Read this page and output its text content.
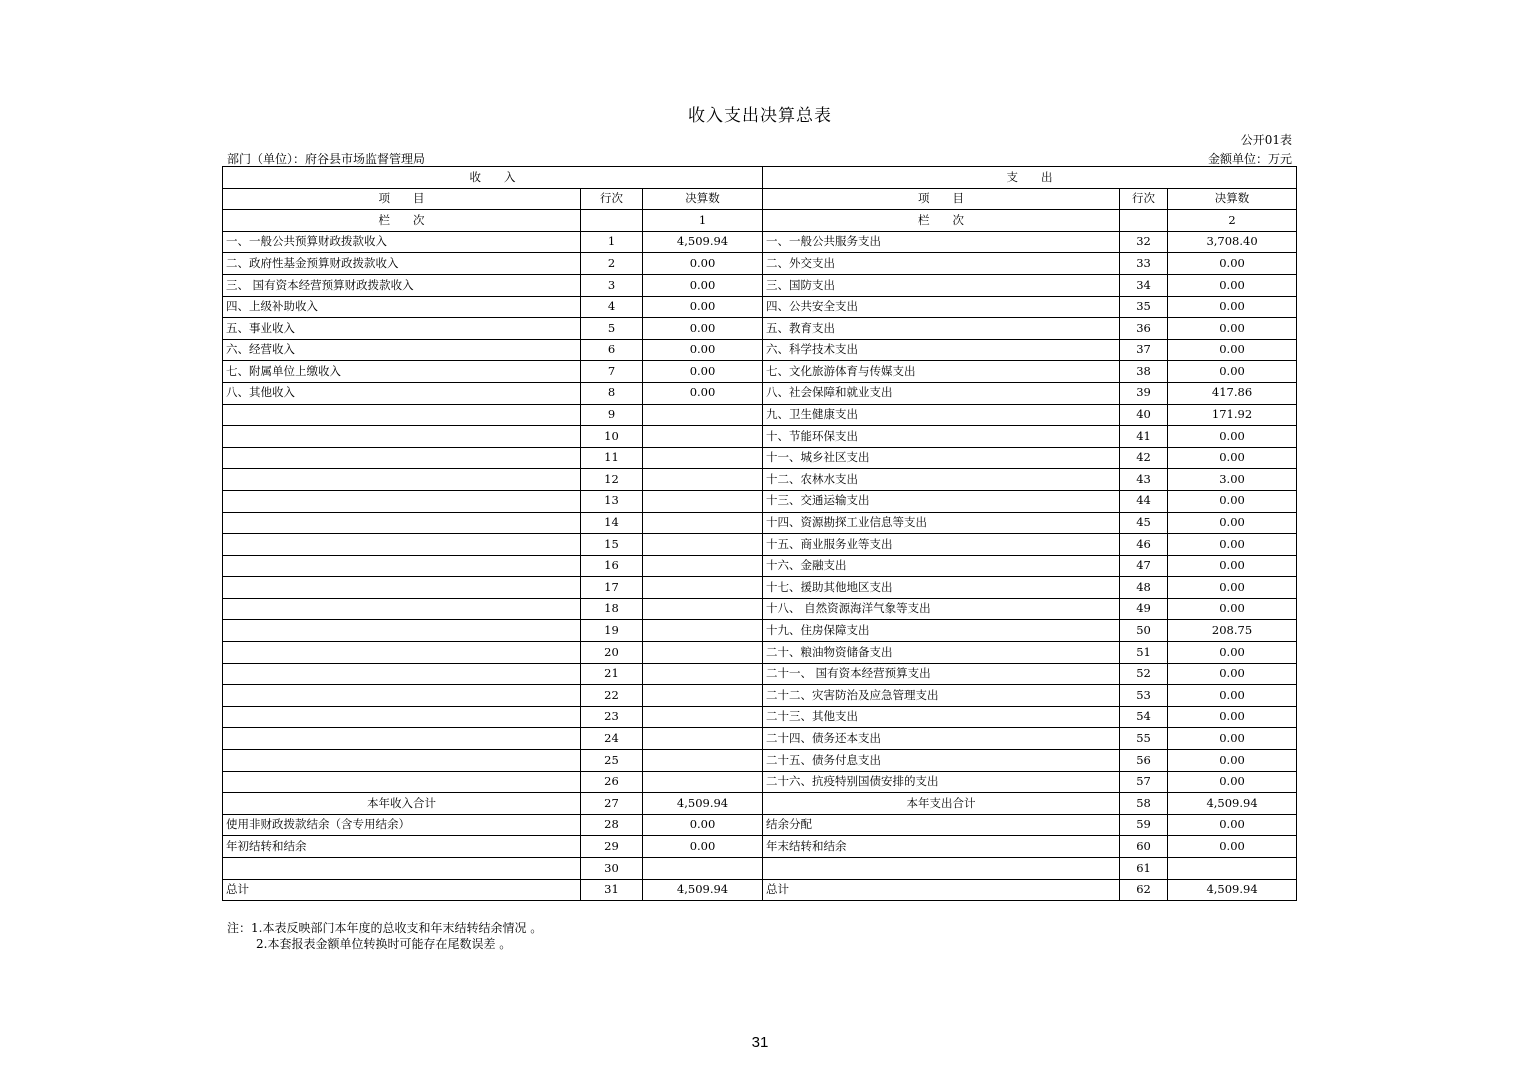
收入支出决算总表
公开01表
部门（单位）：府谷县市场监督管理局	金额单位：万元
收　　入			支　　出		
项　　目	行次	决算数	项　　目	行次	决算数
栏　　次		1	栏　　次		2
一、一般公共预算财政拨款收入	1	4,509.94	一、一般公共服务支出	32	3,708.40
二、政府性基金预算财政拨款收入	2	0.00	二、外交支出	33	0.00
三、 国有资本经营预算财政拨款收入	3	0.00	三、国防支出	34	0.00
四、上级补助收入	4	0.00	四、公共安全支出	35	0.00
五、事业收入	5	0.00	五、教育支出	36	0.00
六、经营收入	6	0.00	六、科学技术支出	37	0.00
七、附属单位上缴收入	7	0.00	七、文化旅游体育与传媒支出	38	0.00
八、其他收入	8	0.00	八、社会保障和就业支出	39	417.86
	9		九、卫生健康支出	40	171.92
	10		十、节能环保支出	41	0.00
	11		十一、城乡社区支出	42	0.00
	12		十二、农林水支出	43	3.00
	13		十三、交通运输支出	44	0.00
	14		十四、资源勘探工业信息等支出	45	0.00
	15		十五、商业服务业等支出	46	0.00
	16		十六、金融支出	47	0.00
	17		十七、援助其他地区支出	48	0.00
	18		十八、 自然资源海洋气象等支出	49	0.00
	19		十九、住房保障支出	50	208.75
	20		二十、粮油物资储备支出	51	0.00
	21		二十一、 国有资本经营预算支出	52	0.00
	22		二十二、灾害防治及应急管理支出	53	0.00
	23		二十三、其他支出	54	0.00
	24		二十四、债务还本支出	55	0.00
	25		二十五、债务付息支出	56	0.00
	26		二十六、抗疫特别国债安排的支出	57	0.00
本年收入合计	27	4,509.94	本年支出合计	58	4,509.94
使用非财政拨款结余（含专用结余）	28	0.00	结余分配	59	0.00
年初结转和结余	29	0.00	年末结转和结余	60	0.00
	30			61	
总计	31	4,509.94	总计	62	4,509.94
注：1.本表反映部门本年度的总收支和年末结转结余情况 。
2.本套报表金额单位转换时可能存在尾数误差 。
31
